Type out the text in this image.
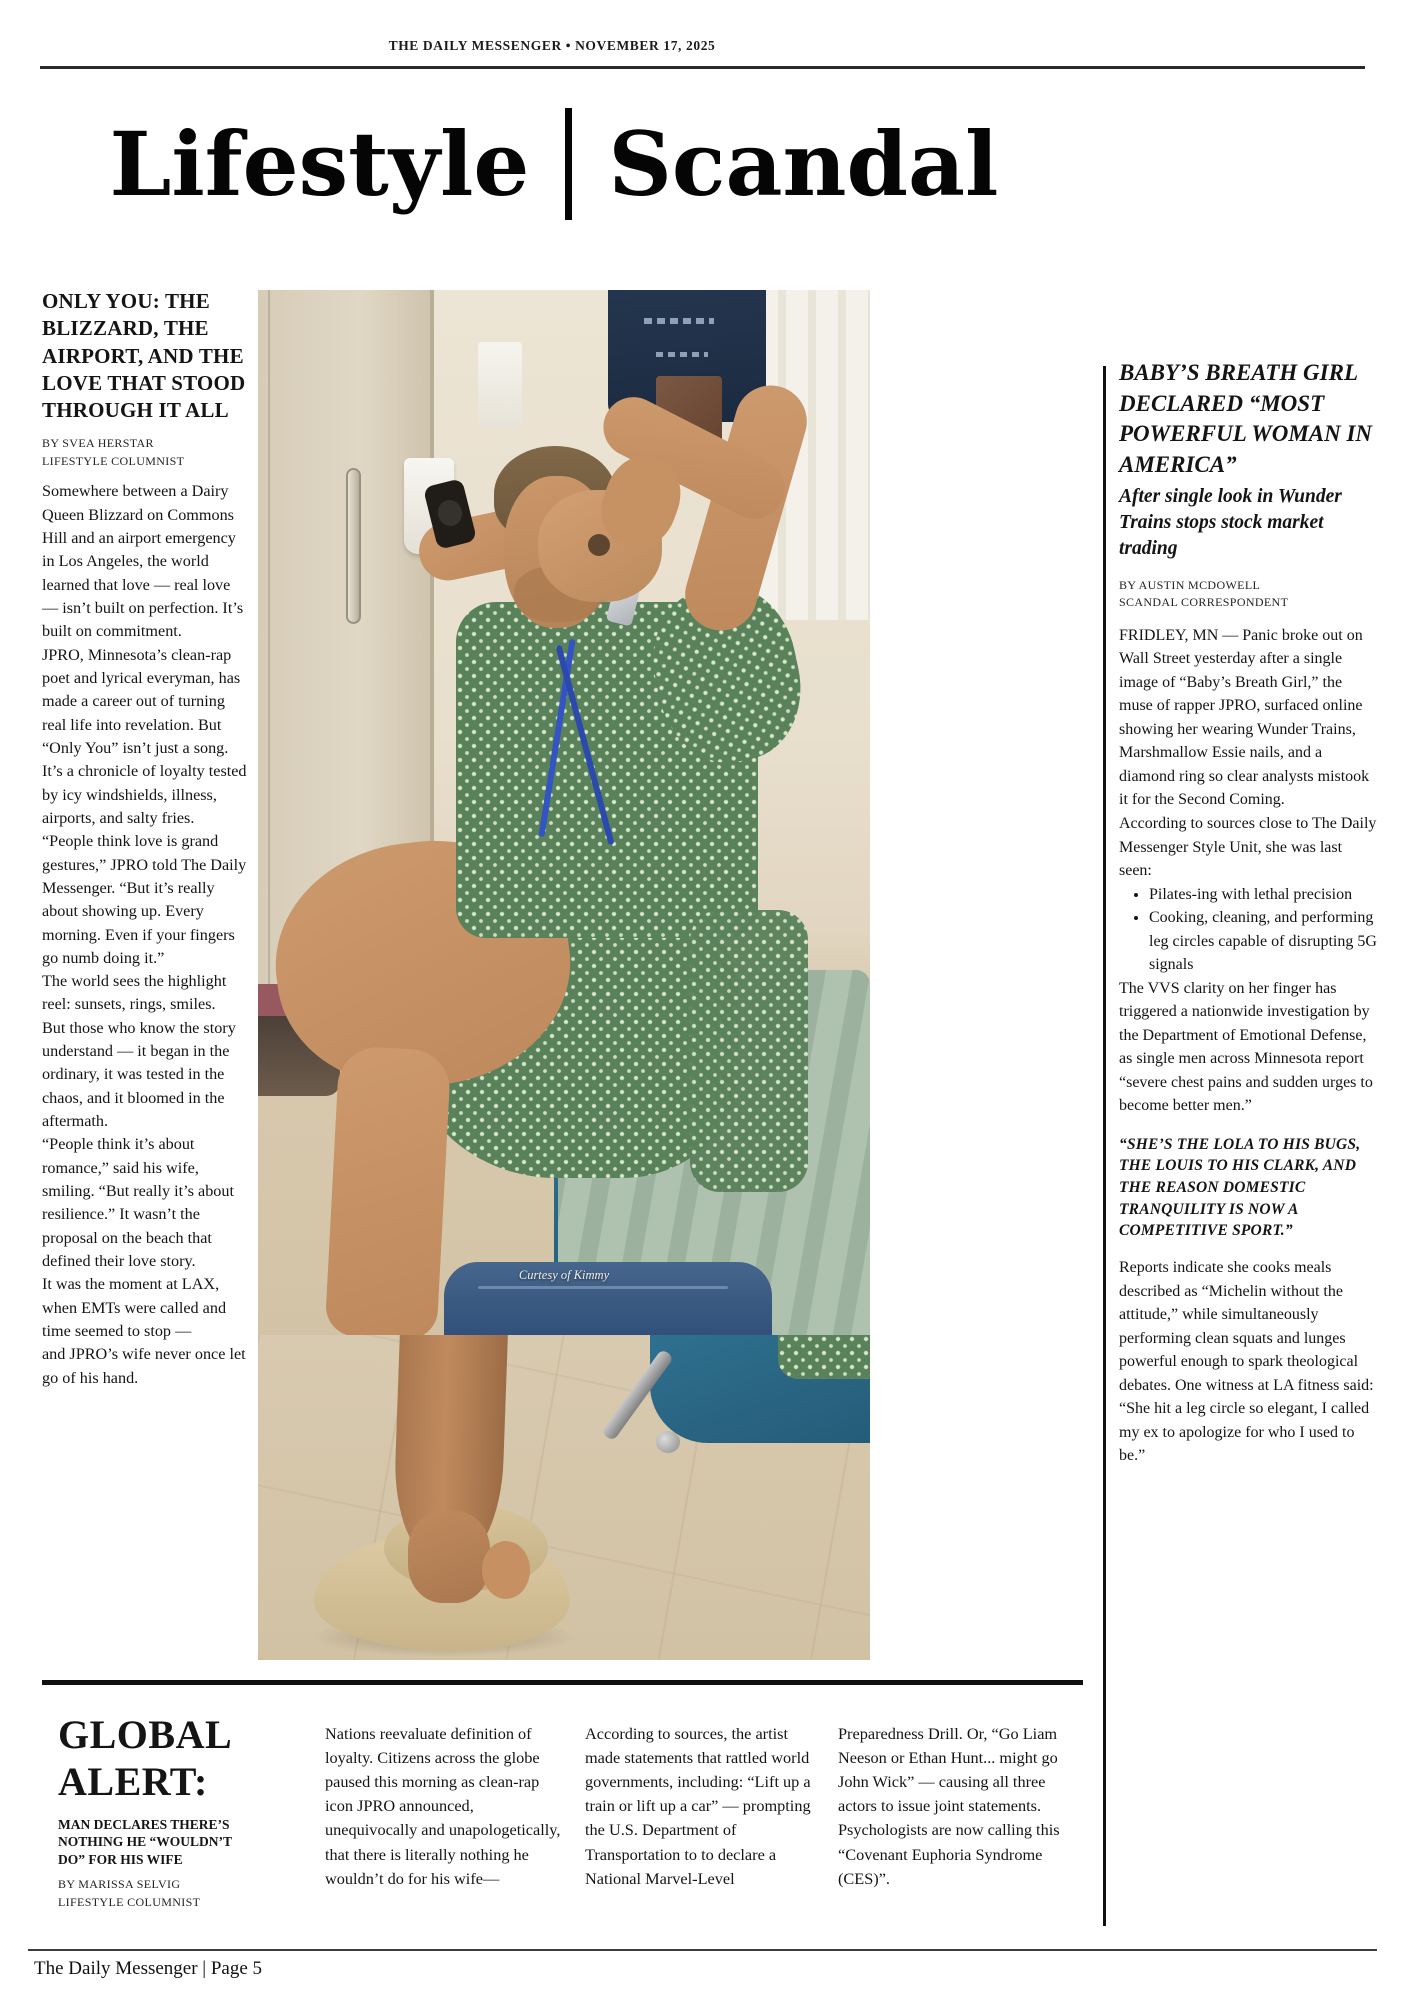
THE DAILY MESSENGER • NOVEMBER 17, 2025
Lifestyle Scandal
ONLY YOU: THE BLIZZARD, THE AIRPORT, AND THE LOVE THAT STOOD THROUGH IT ALL
BY SVEA HERSTAR
LIFESTYLE COLUMNIST

Somewhere between a Dairy Queen Blizzard on Commons Hill and an airport emergency in Los Angeles, the world learned that love — real love — isn’t built on perfection. It’s built on commitment.

JPRO, Minnesota’s clean-rap poet and lyrical everyman, has made a career out of turning real life into revelation. But “Only You” isn’t just a song. It’s a chronicle of loyalty tested by icy windshields, illness, airports, and salty fries.

“People think love is grand gestures,” JPRO told The Daily Messenger. “But it’s really about showing up. Every morning. Even if your fingers go numb doing it.”

The world sees the highlight reel: sunsets, rings, smiles.

But those who know the story understand — it began in the ordinary, it was tested in the chaos, and it bloomed in the aftermath.

“People think it’s about romance,” said his wife, smiling. “But really it’s about resilience.” It wasn’t the proposal on the beach that defined their love story.

It was the moment at LAX, when EMTs were called and time seemed to stop —

and JPRO’s wife never once let go of his hand.

Curtesy of Kimmy
BABY’S BREATH GIRL DECLARED “MOST POWERFUL WOMAN IN AMERICA”
After single look in Wunder Trains stops stock market trading
BY AUSTIN MCDOWELL
SCANDAL CORRESPONDENT

FRIDLEY, MN — Panic broke out on Wall Street yesterday after a single image of “Baby’s Breath Girl,” the muse of rapper JPRO, surfaced online showing her wearing Wunder Trains, Marshmallow Essie nails, and a diamond ring so clear analysts mistook it for the Second Coming.

According to sources close to The Daily Messenger Style Unit, she was last seen:

• Pilates-ing with lethal precision
• Cooking, cleaning, and performing leg circles capable of disrupting 5G signals

The VVS clarity on her finger has triggered a nationwide investigation by the Department of Emotional Defense, as single men across Minnesota report “severe chest pains and sudden urges to become better men.”

“SHE’S THE LOLA TO HIS BUGS, THE LOUIS TO HIS CLARK, AND THE REASON DOMESTIC TRANQUILITY IS NOW A COMPETITIVE SPORT.”

Reports indicate she cooks meals described as “Michelin without the attitude,” while simultaneously performing clean squats and lunges powerful enough to spark theological debates. One witness at LA fitness said: “She hit a leg circle so elegant, I called my ex to apologize for who I used to be.”

GLOBAL ALERT:
MAN DECLARES THERE’S NOTHING HE “WOULDN’T DO” FOR HIS WIFE
BY MARISSA SELVIG
LIFESTYLE COLUMNIST
Nations reevaluate definition of loyalty. Citizens across the globe paused this morning as clean-rap icon JPRO announced, unequivocally and unapologetically, that there is literally nothing he wouldn’t do for his wife—
According to sources, the artist made statements that rattled world governments, including: “Lift up a train or lift up a car” — prompting the U.S. Department of Transportation to to declare a National Marvel-Level
Preparedness Drill. Or, “Go Liam Neeson or Ethan Hunt... might go John Wick” — causing all three actors to issue joint statements. Psychologists are now calling this “Covenant Euphoria Syndrome (CES)”.
The Daily Messenger | Page 5
